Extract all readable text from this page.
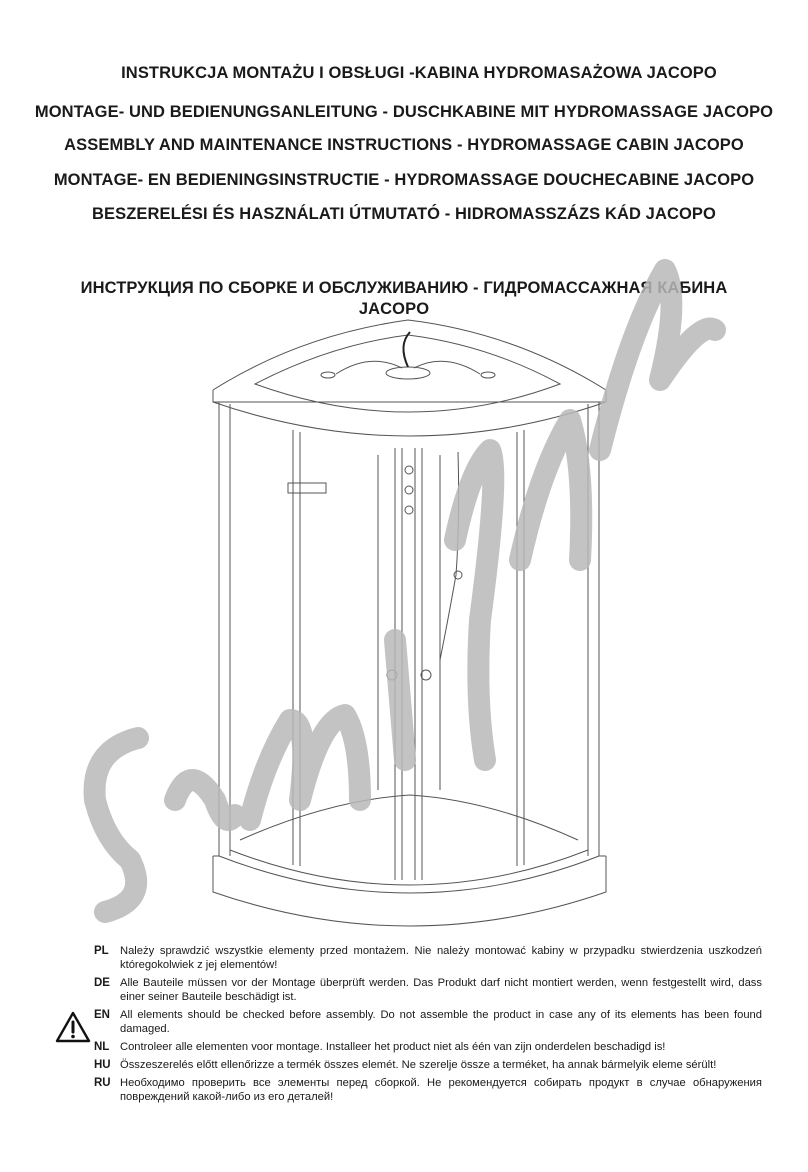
INSTRUKCJA MONTAŻU I OBSŁUGI -KABINA HYDROMASAŻOWA JACOPO
MONTAGE- UND BEDIENUNGSANLEITUNG - DUSCHKABINE MIT HYDROMASSAGE JACOPO
ASSEMBLY AND MAINTENANCE INSTRUCTIONS - HYDROMASSAGE CABIN JACOPO
MONTAGE- EN BEDIENINGSINSTRUCTIE - HYDROMASSAGE DOUCHECABINE JACOPO
BESZERELÉSI ÉS HASZNÁLATI ÚTMUTATÓ - HIDROMASSZÁZS KÁD JACOPO
ИНСТРУКЦИЯ ПО СБОРКЕ И ОБСЛУЖИВАНИЮ - ГИДРОМАССАЖНАЯ КАБИНА
JACOPO
PL	Należy sprawdzić wszystkie elementy przed montażem. Nie należy montować kabiny w przypadku stwierdzenia uszkodzeń któregokolwiek z jej elementów!
DE Alle Bauteile müssen vor der Montage überprüft werden. Das Produkt darf nicht montiert werden, wenn festgestellt wird, dass einer seiner Bauteile beschädigt ist.
EN All elements should be checked before assembly. Do not assemble the product in case any of its elements has been found damaged.
NL Controleer alle elementen voor montage. Installeer het product niet als één van zijn onderdelen beschadigd is!
HU Összeszerelés előtt ellenőrizze a termék összes elemét. Ne szerelje össze a terméket, ha annak bármelyik eleme sérült!
RU Необходимо проверить все элементы перед сборкой. Не рекомендуется собирать продукт в случае обнаружения повреждений какой-либо из его деталей!
